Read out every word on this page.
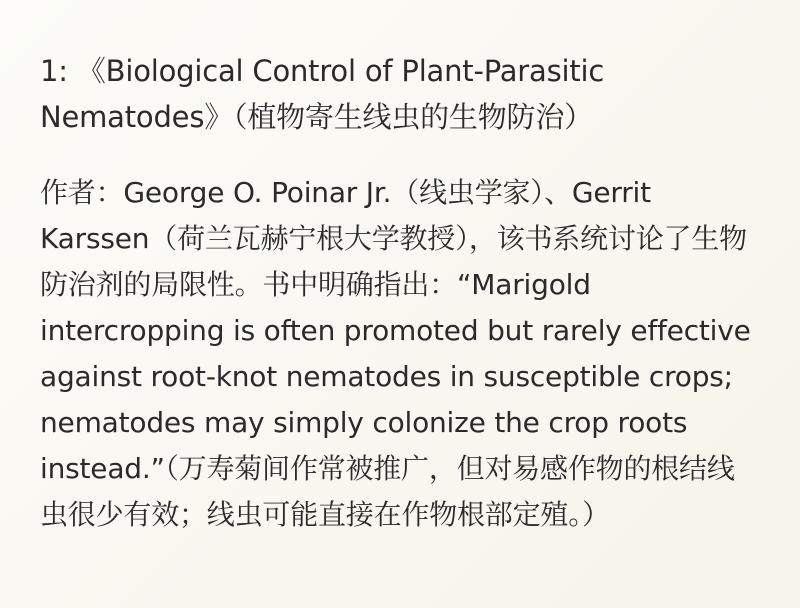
1: 《Biological Control of Plant-Parasitic Nematodes》（植物寄生线虫的生物防治）

作者：George O. Poinar Jr.（线虫学家）、Gerrit Karssen（荷兰瓦赫宁根大学教授），该书系统讨论了生物防治剂的局限性。书中明确指出：“Marigold intercropping is often promoted but rarely effective against root-knot nematodes in susceptible crops; nematodes may simply colonize the crop roots instead.”（万寿菊间作常被推广，但对易感作物的根结线虫很少有效；线虫可能直接在作物根部定殖。）
